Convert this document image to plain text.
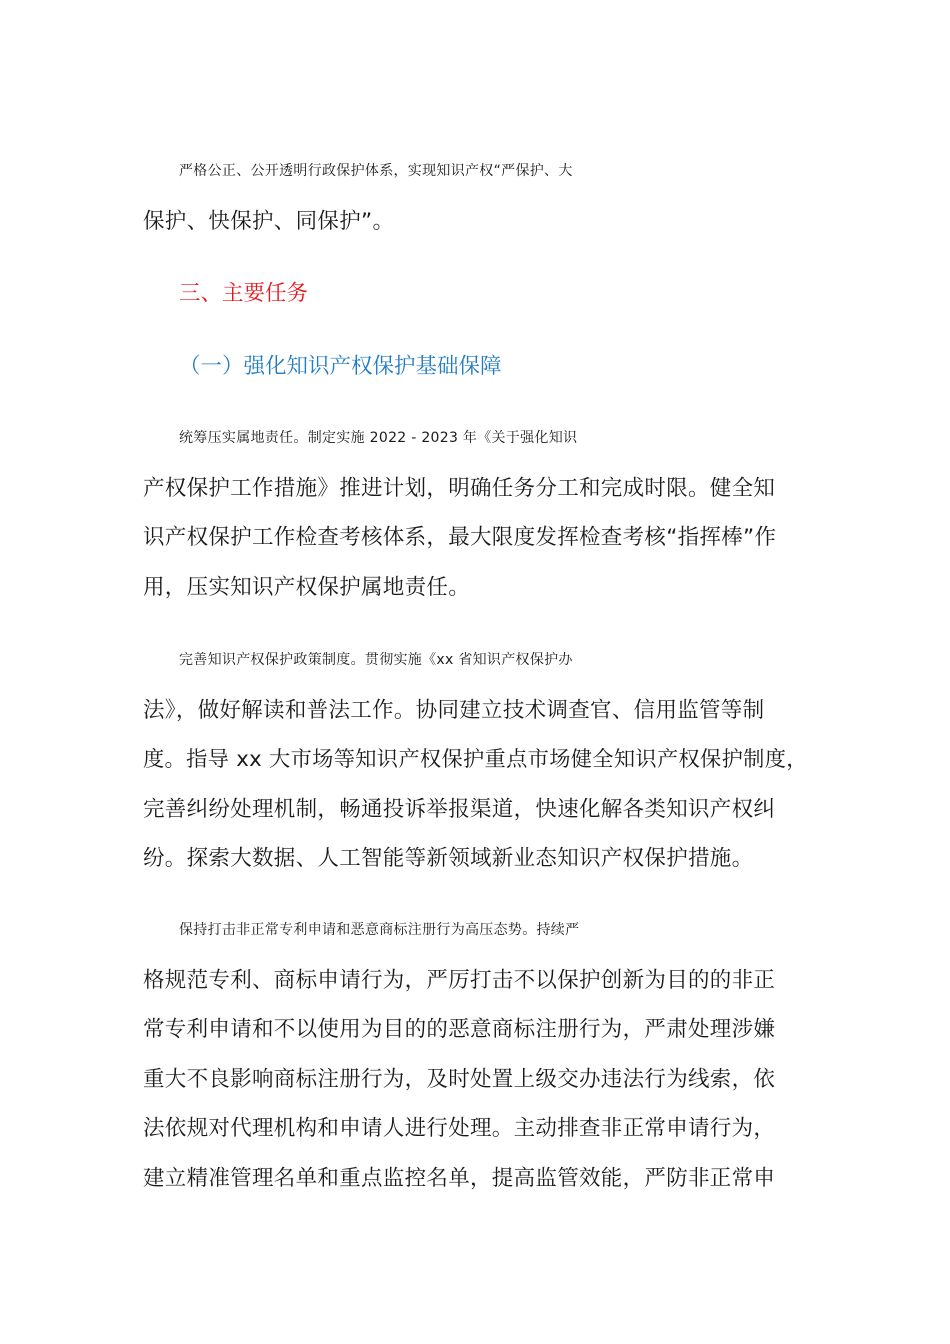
严格公正、公开透明行政保护体系，实现知识产权“严保护、大
保护、快保护、同保护”。

三、主要任务
（一）强化知识产权保护基础保障

统筹压实属地责任。制定实施 2022 - 2023 年《关于强化知识
产权保护工作措施》推进计划，明确任务分工和完成时限。健全知
识产权保护工作检查考核体系，最大限度发挥检查考核“指挥棒”作
用，压实知识产权保护属地责任。

完善知识产权保护政策制度。贯彻实施《xx 省知识产权保护办
法》，做好解读和普法工作。协同建立技术调查官、信用监管等制
度。指导 xx 大市场等知识产权保护重点市场健全知识产权保护制度，
完善纠纷处理机制，畅通投诉举报渠道，快速化解各类知识产权纠
纷。探索大数据、人工智能等新领域新业态知识产权保护措施。

保持打击非正常专利申请和恶意商标注册行为高压态势。持续严
格规范专利、商标申请行为，严厉打击不以保护创新为目的的非正
常专利申请和不以使用为目的的恶意商标注册行为，严肃处理涉嫌
重大不良影响商标注册行为，及时处置上级交办违法行为线索，依
法依规对代理机构和申请人进行处理。主动排查非正常申请行为，
建立精准管理名单和重点监控名单，提高监管效能，严防非正常申
